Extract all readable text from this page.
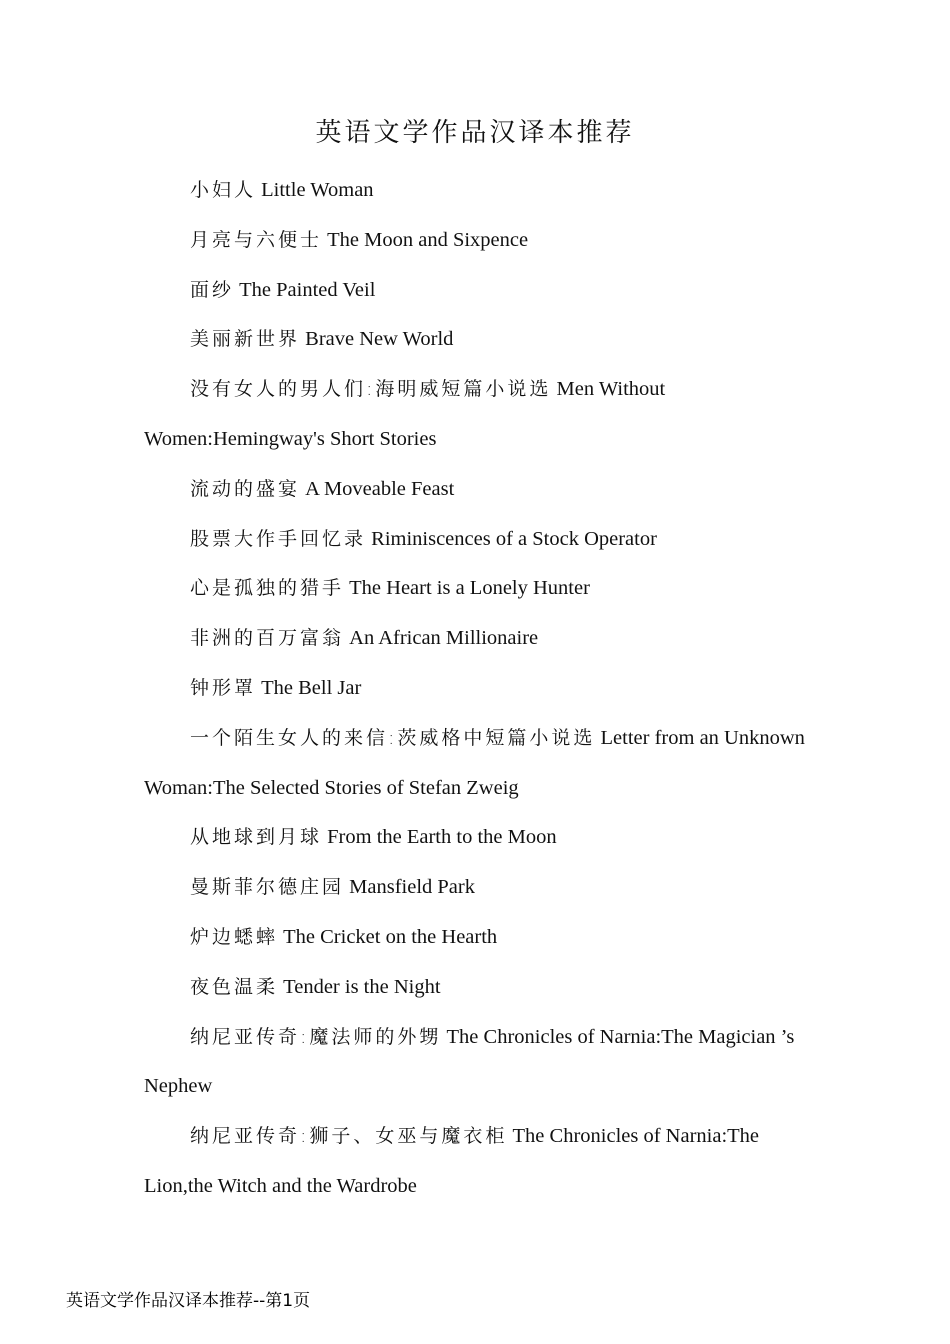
英语文学作品汉译本推荐
小妇人 Little Woman
月亮与六便士 The Moon and Sixpence
面纱 The Painted Veil
美丽新世界 Brave New World
没有女人的男人们:海明威短篇小说选 Men Without Women:Hemingway's Short Stories
流动的盛宴 A Moveable Feast
股票大作手回忆录 Riminiscences of a Stock Operator
心是孤独的猎手 The Heart is a Lonely Hunter
非洲的百万富翁 An African Millionaire
钟形罩 The Bell Jar
一个陌生女人的来信:茨威格中短篇小说选 Letter from an Unknown Woman:The Selected Stories of Stefan Zweig
从地球到月球 From the Earth to the Moon
曼斯菲尔德庄园 Mansfield Park
炉边蟋蟀 The Cricket on the Hearth
夜色温柔 Tender is the Night
纳尼亚传奇:魔法师的外甥 The Chronicles of Narnia:The Magician ’s Nephew
纳尼亚传奇:狮子、女巫与魔衣柜 The Chronicles of Narnia:The Lion,the Witch and the Wardrobe
英语文学作品汉译本推荐--第1页
